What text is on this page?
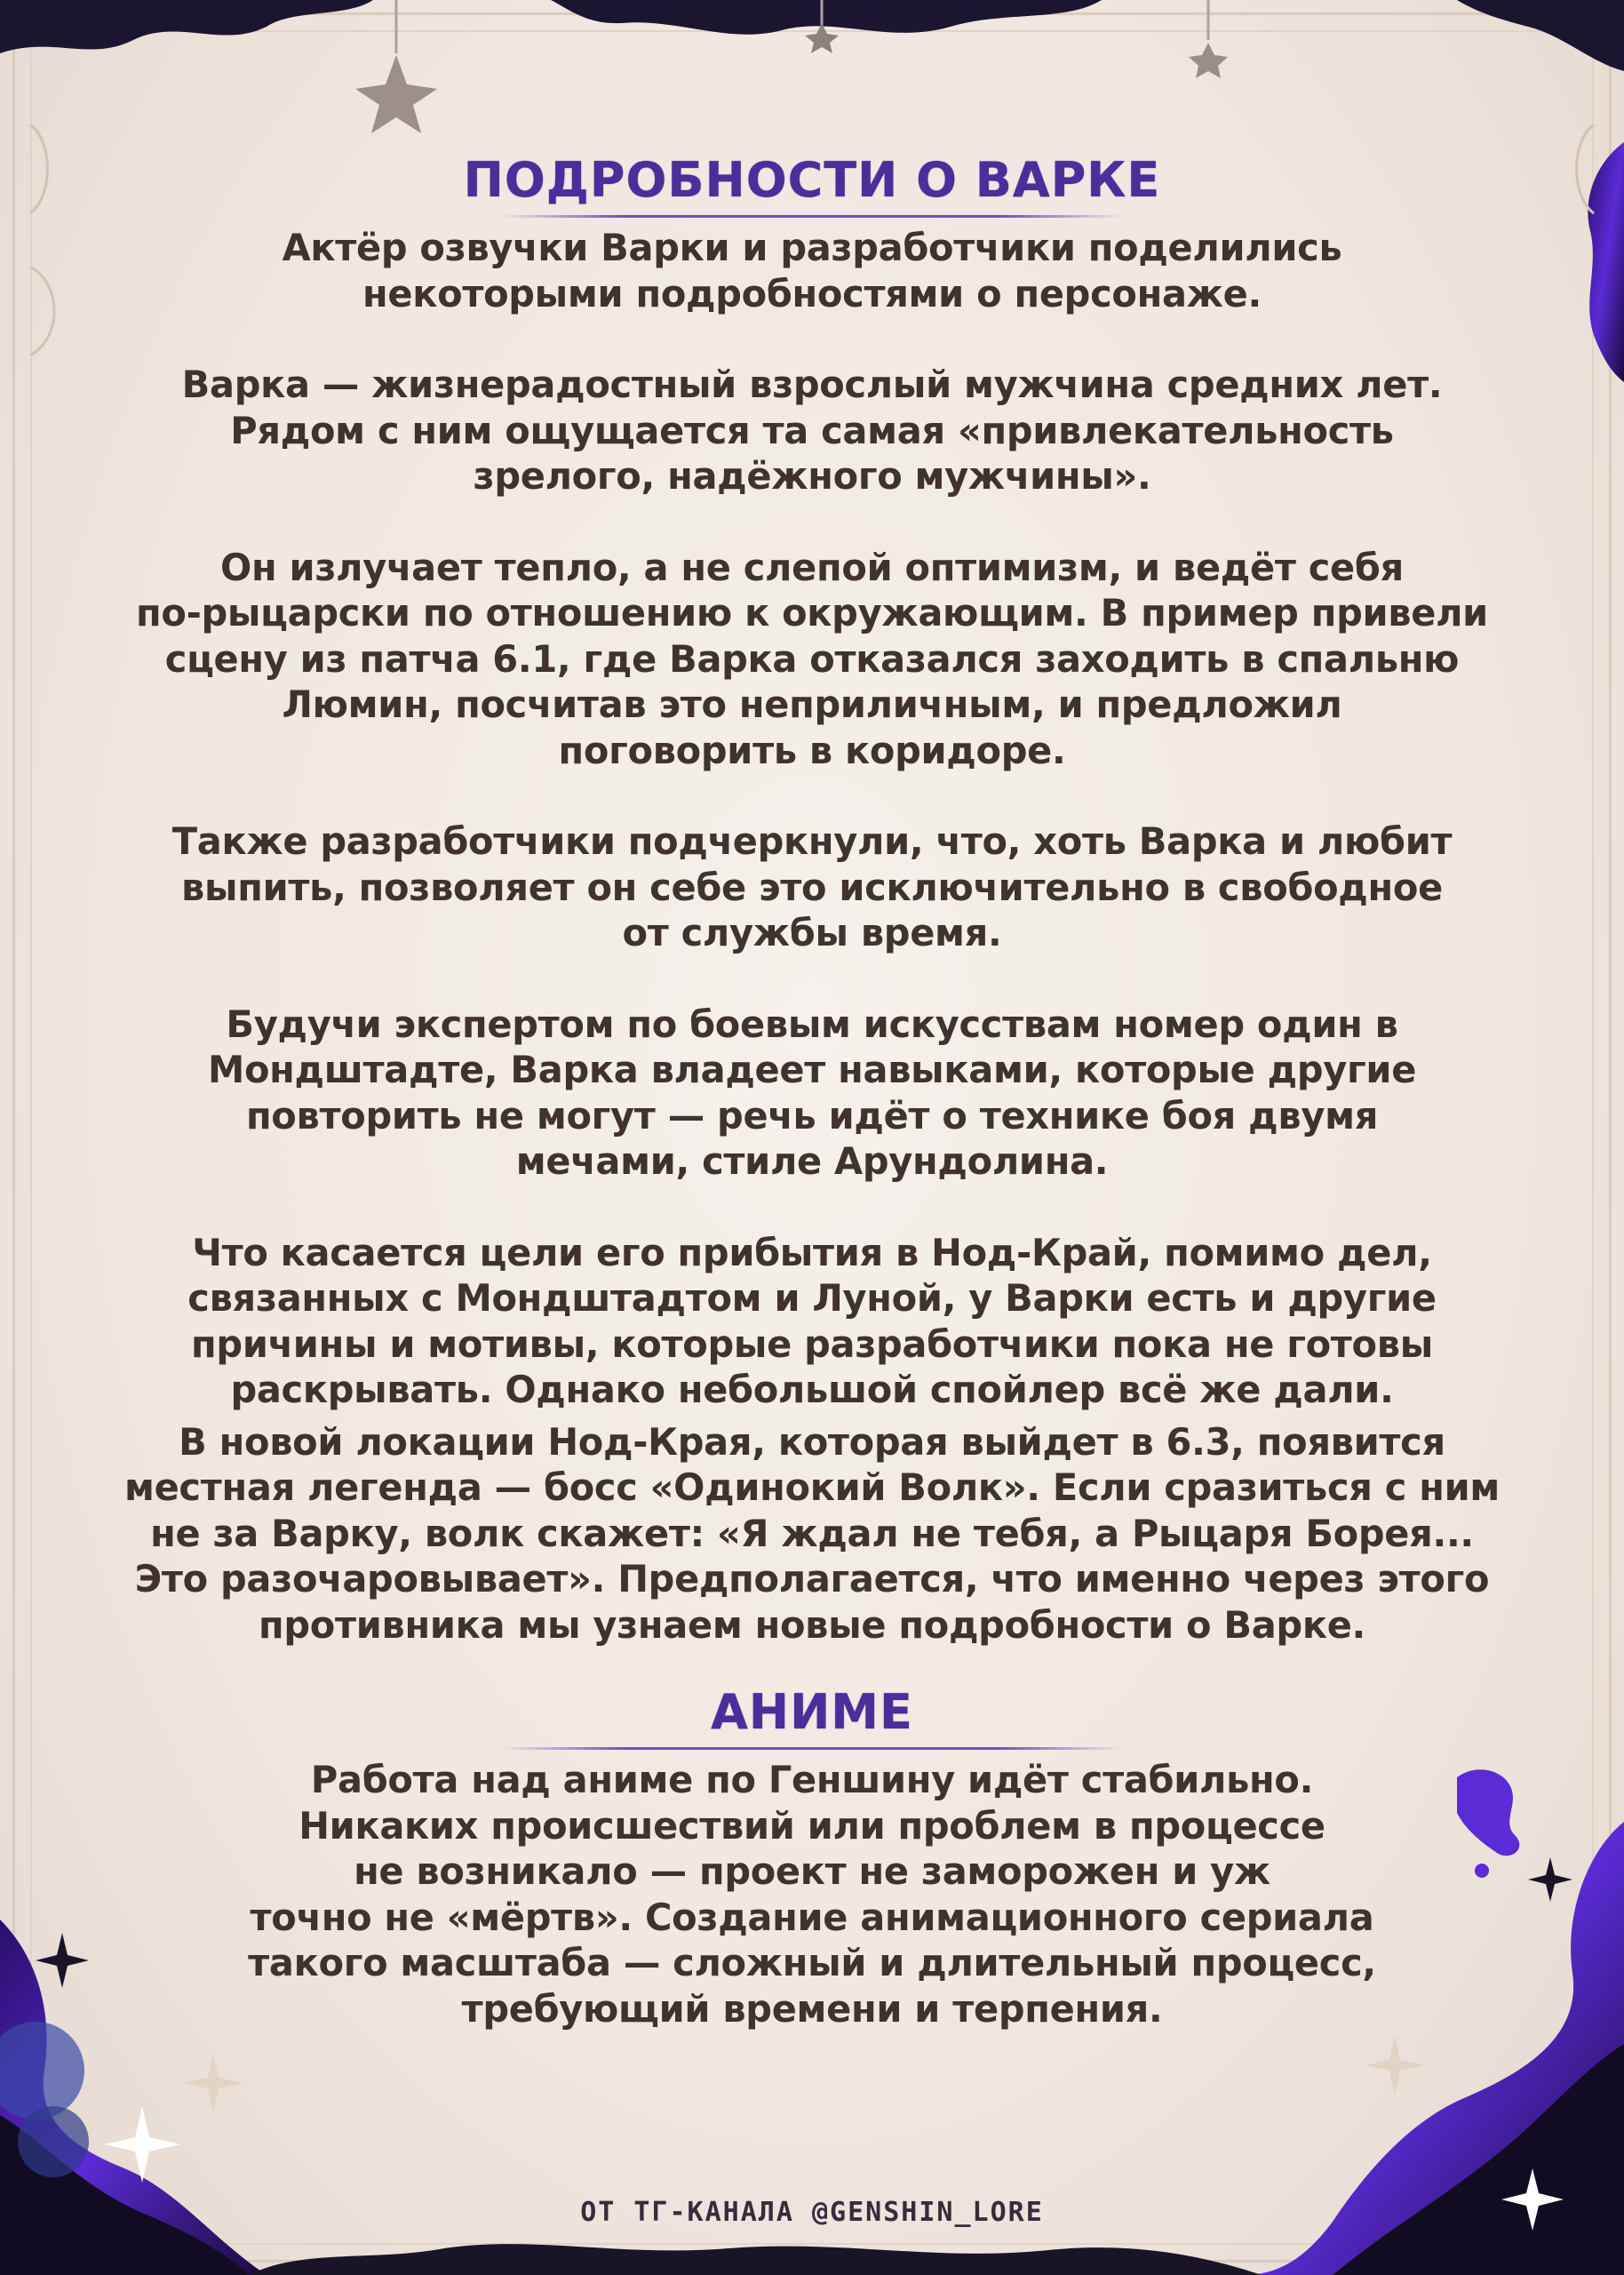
ПОДРОБНОСТИ О ВАРКЕ

Актёр озвучки Варки и разработчики поделились
некоторыми подробностями о персонаже.

Варка — жизнерадостный взрослый мужчина средних лет.
Рядом с ним ощущается та самая «привлекательность
зрелого, надёжного мужчины».

Он излучает тепло, а не слепой оптимизм, и ведёт себя
по-рыцарски по отношению к окружающим. В пример привели
сцену из патча 6.1, где Варка отказался заходить в спальню
Люмин, посчитав это неприличным, и предложил
поговорить в коридоре.

Также разработчики подчеркнули, что, хоть Варка и любит
выпить, позволяет он себе это исключительно в свободное
от службы время.

Будучи экспертом по боевым искусствам номер один в
Мондштадте, Варка владеет навыками, которые другие
повторить не могут — речь идёт о технике боя двумя
мечами, стиле Арундолина.

Что касается цели его прибытия в Нод-Край, помимо дел,
связанных с Мондштадтом и Луной, у Варки есть и другие
причины и мотивы, которые разработчики пока не готовы
раскрывать. Однако небольшой спойлер всё же дали.

В новой локации Нод-Края, которая выйдет в 6.3, появится
местная легенда — босс «Одинокий Волк». Если сразиться с ним
не за Варку, волк скажет: «Я ждал не тебя, а Рыцаря Борея...
Это разочаровывает». Предполагается, что именно через этого
противника мы узнаем новые подробности о Варке.

АНИМЕ

Работа над аниме по Геншину идёт стабильно.
Никаких происшествий или проблем в процессе
не возникало — проект не заморожен и уж
точно не «мёртв». Создание анимационного сериала
такого масштаба — сложный и длительный процесс,
требующий времени и терпения.

ОТ ТГ-КАНАЛА @GENSHIN_LORE
